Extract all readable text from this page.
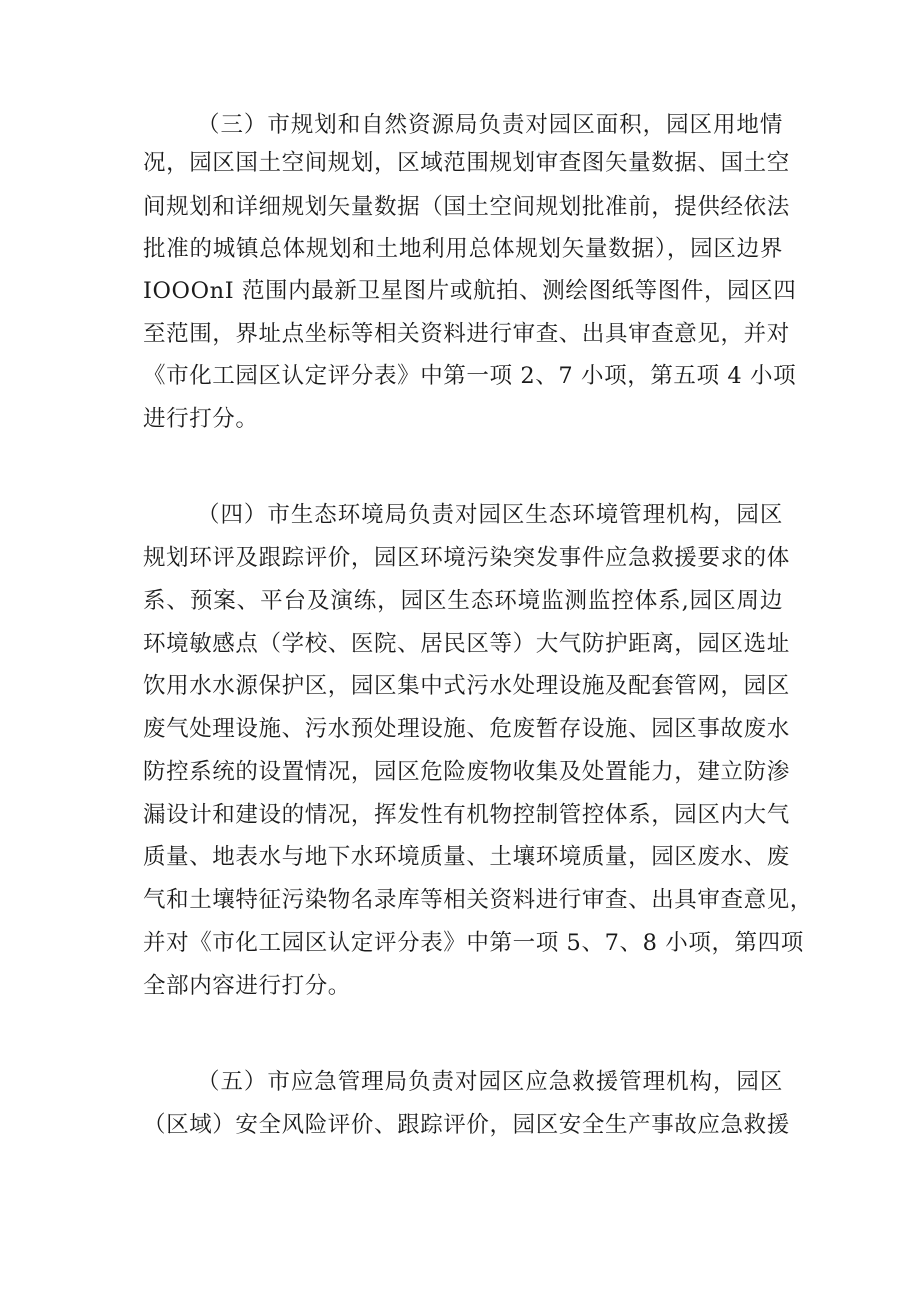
（三）市规划和自然资源局负责对园区面积，园区用地情
况，园区国土空间规划，区域范围规划审查图矢量数据、国土空
间规划和详细规划矢量数据（国土空间规划批准前，提供经依法
批准的城镇总体规划和土地利用总体规划矢量数据），园区边界
IOOOnI 范围内最新卫星图片或航拍、测绘图纸等图件，园区四
至范围，界址点坐标等相关资料进行审查、出具审查意见，并对
《市化工园区认定评分表》中第一项 2、7 小项，第五项 4 小项
进行打分。
（四）市生态环境局负责对园区生态环境管理机构，园区
规划环评及跟踪评价，园区环境污染突发事件应急救援要求的体
系、预案、平台及演练，园区生态环境监测监控体系,园区周边
环境敏感点（学校、医院、居民区等）大气防护距离，园区选址
饮用水水源保护区，园区集中式污水处理设施及配套管网，园区
废气处理设施、污水预处理设施、危废暂存设施、园区事故废水
防控系统的设置情况，园区危险废物收集及处置能力，建立防渗
漏设计和建设的情况，挥发性有机物控制管控体系，园区内大气
质量、地表水与地下水环境质量、土壤环境质量，园区废水、废
气和土壤特征污染物名录库等相关资料进行审查、出具审查意见，
并对《市化工园区认定评分表》中第一项 5、7、8 小项，第四项
全部内容进行打分。
（五）市应急管理局负责对园区应急救援管理机构，园区
（区域）安全风险评价、跟踪评价，园区安全生产事故应急救援
